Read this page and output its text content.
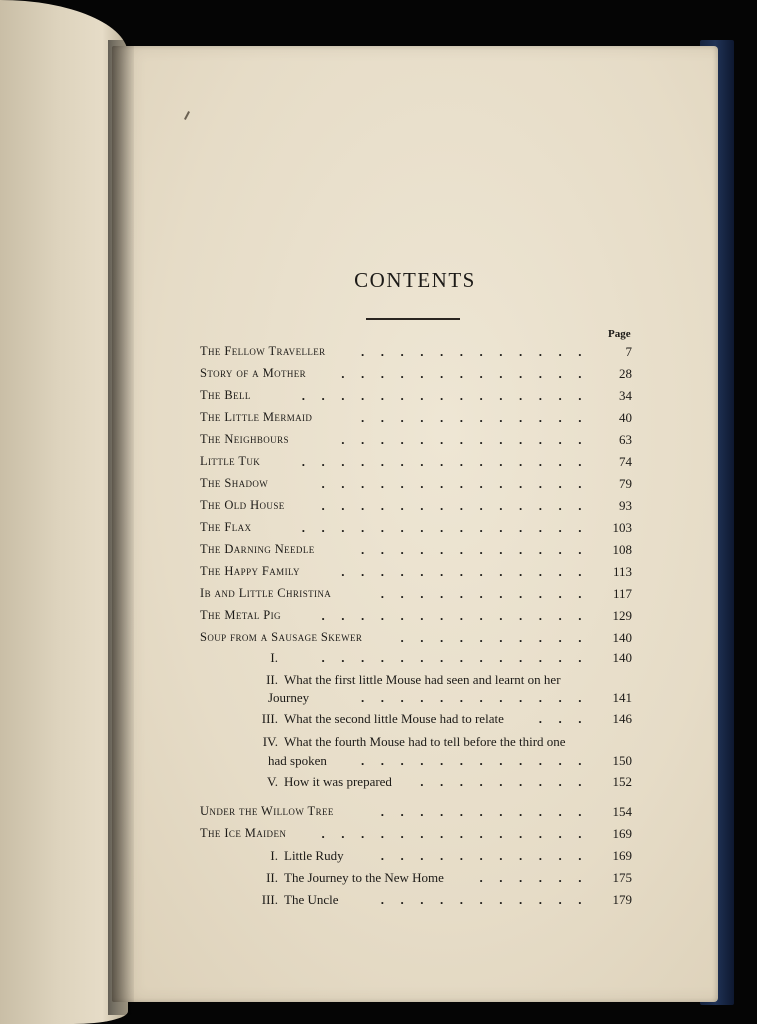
CONTENTS
Page
The Fellow Traveller	............ 7
Story of a Mother	............. 28
The Bell	............... 34
The Little Mermaid	............ 40
The Neighbours	............. 63
Little Tuk	............... 74
The Shadow	.............. 79
The Old House	.............. 93
The Flax	............... 103
The Darning Needle	............ 108
The Happy Family	............. 113
Ib and Little Christina	........... 117
The Metal Pig	.............. 129
Soup from a Sausage Skewer	.......... 140
I.	.............. 140
II. What the first little Mouse had seen and learnt on her
Journey	............ 141
III. What the second little Mouse had to relate	... 146
IV. What the fourth Mouse had to tell before the third one
had spoken	............ 150
V. How it was prepared ......... 152
Under the Willow Tree	........... 154
The Ice Maiden	.............. 169
I. Little Rudy	........... 169
II. The Journey to the New Home	...... 175
III. The Uncle	........... 179
